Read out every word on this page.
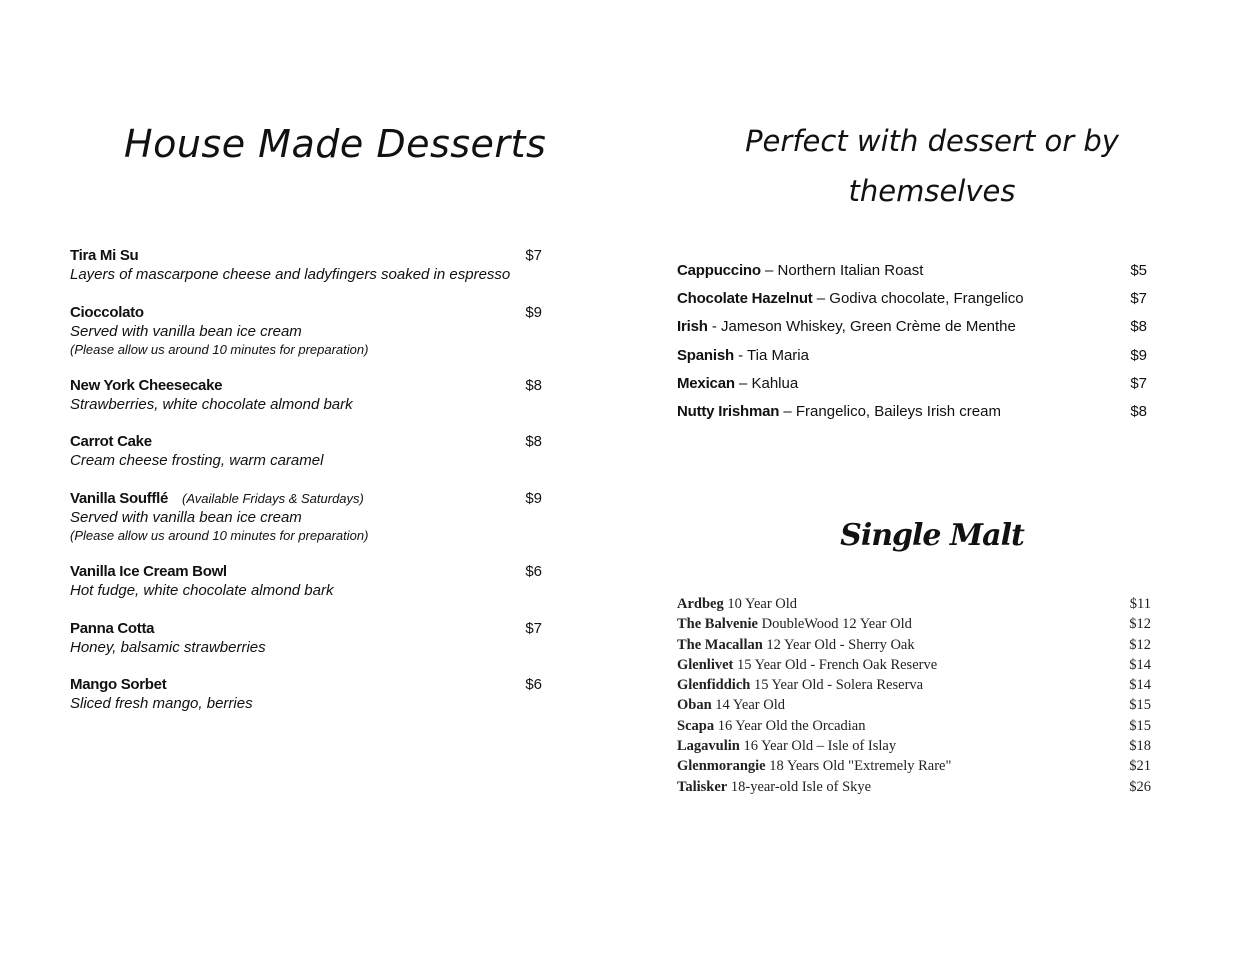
House Made Desserts
Tira Mi Su	$7
Layers of mascarpone cheese and ladyfingers soaked in espresso
Cioccolato	$9
Served with vanilla bean ice cream
(Please allow us around 10 minutes for preparation)
New York Cheesecake	$8
Strawberries, white chocolate almond bark
Carrot Cake	$8
Cream cheese frosting, warm caramel
Vanilla Soufflé (Available Fridays & Saturdays)	$9
Served with vanilla bean ice cream
(Please allow us around 10 minutes for preparation)
Vanilla Ice Cream Bowl	$6
Hot fudge, white chocolate almond bark
Panna Cotta	$7
Honey, balsamic strawberries
Mango Sorbet	$6
Sliced fresh mango, berries
Perfect with dessert or by themselves
Cappuccino – Northern Italian Roast	$5
Chocolate Hazelnut – Godiva chocolate, Frangelico	$7
Irish - Jameson Whiskey, Green Crème de Menthe	$8
Spanish - Tia Maria	$9
Mexican – Kahlua	$7
Nutty Irishman – Frangelico, Baileys Irish cream	$8
Single Malt
Ardbeg 10 Year Old	$11
The Balvenie DoubleWood 12 Year Old	$12
The Macallan 12 Year Old - Sherry Oak	$12
Glenlivet 15 Year Old - French Oak Reserve	$14
Glenfiddich 15 Year Old - Solera Reserva	$14
Oban 14 Year Old	$15
Scapa 16 Year Old the Orcadian	$15
Lagavulin 16 Year Old – Isle of Islay	$18
Glenmorangie 18 Years Old "Extremely Rare"	$21
Talisker 18-year-old Isle of Skye	$26
